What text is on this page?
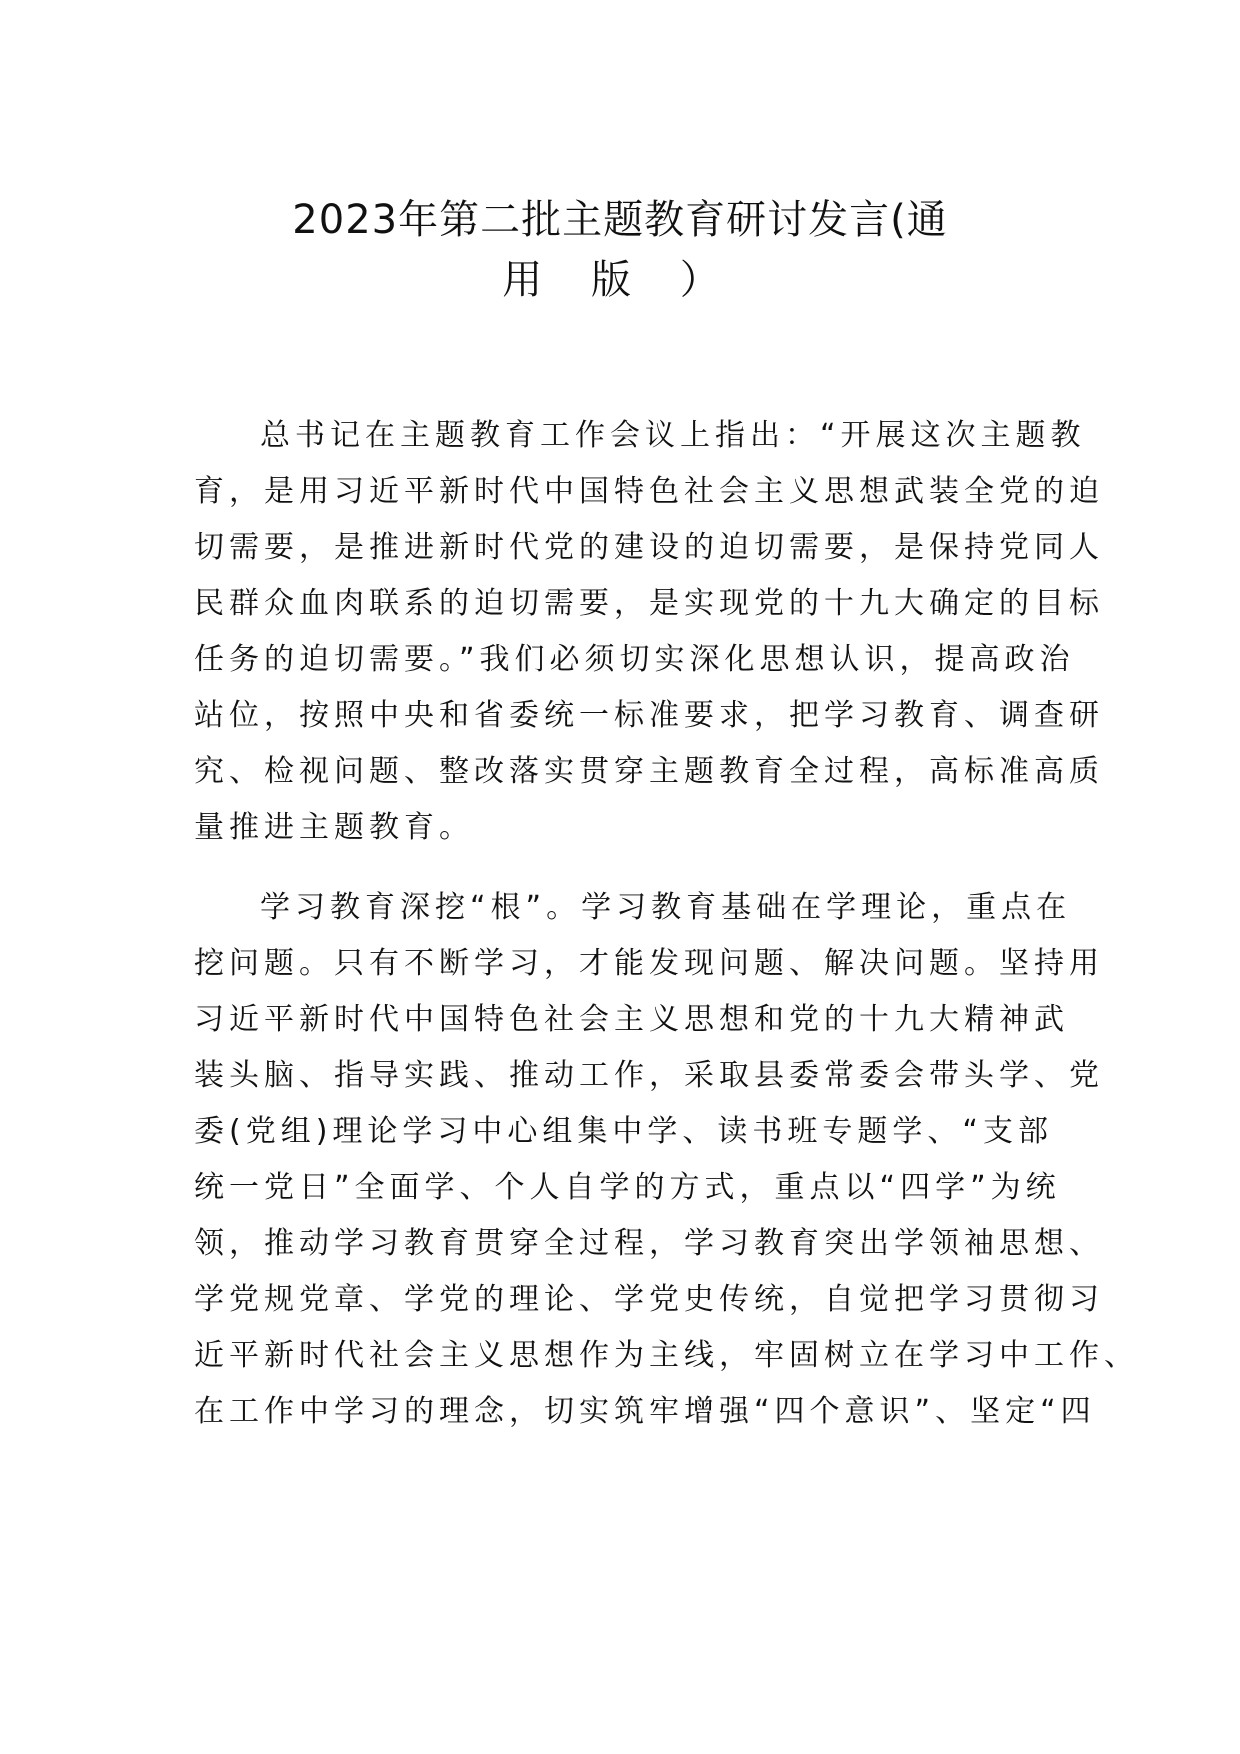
2023年第二批主题教育研讨发言(通
用 版 ）
总书记在主题教育工作会议上指出：“开展这次主题教
育，是用习近平新时代中国特色社会主义思想武装全党的迫
切需要，是推进新时代党的建设的迫切需要，是保持党同人
民群众血肉联系的迫切需要，是实现党的十九大确定的目标
任务的迫切需要。”我们必须切实深化思想认识，提高政治
站位，按照中央和省委统一标准要求，把学习教育、调查研
究、检视问题、整改落实贯穿主题教育全过程，高标准高质
量推进主题教育。
学习教育深挖“根”。学习教育基础在学理论，重点在
挖问题。只有不断学习，才能发现问题、解决问题。坚持用
习近平新时代中国特色社会主义思想和党的十九大精神武
装头脑、指导实践、推动工作，采取县委常委会带头学、党
委(党组)理论学习中心组集中学、读书班专题学、“支部
统一党日”全面学、个人自学的方式，重点以“四学”为统
领，推动学习教育贯穿全过程，学习教育突出学领袖思想、
学党规党章、学党的理论、学党史传统，自觉把学习贯彻习
近平新时代社会主义思想作为主线，牢固树立在学习中工作、
在工作中学习的理念，切实筑牢增强“四个意识”、坚定“四
